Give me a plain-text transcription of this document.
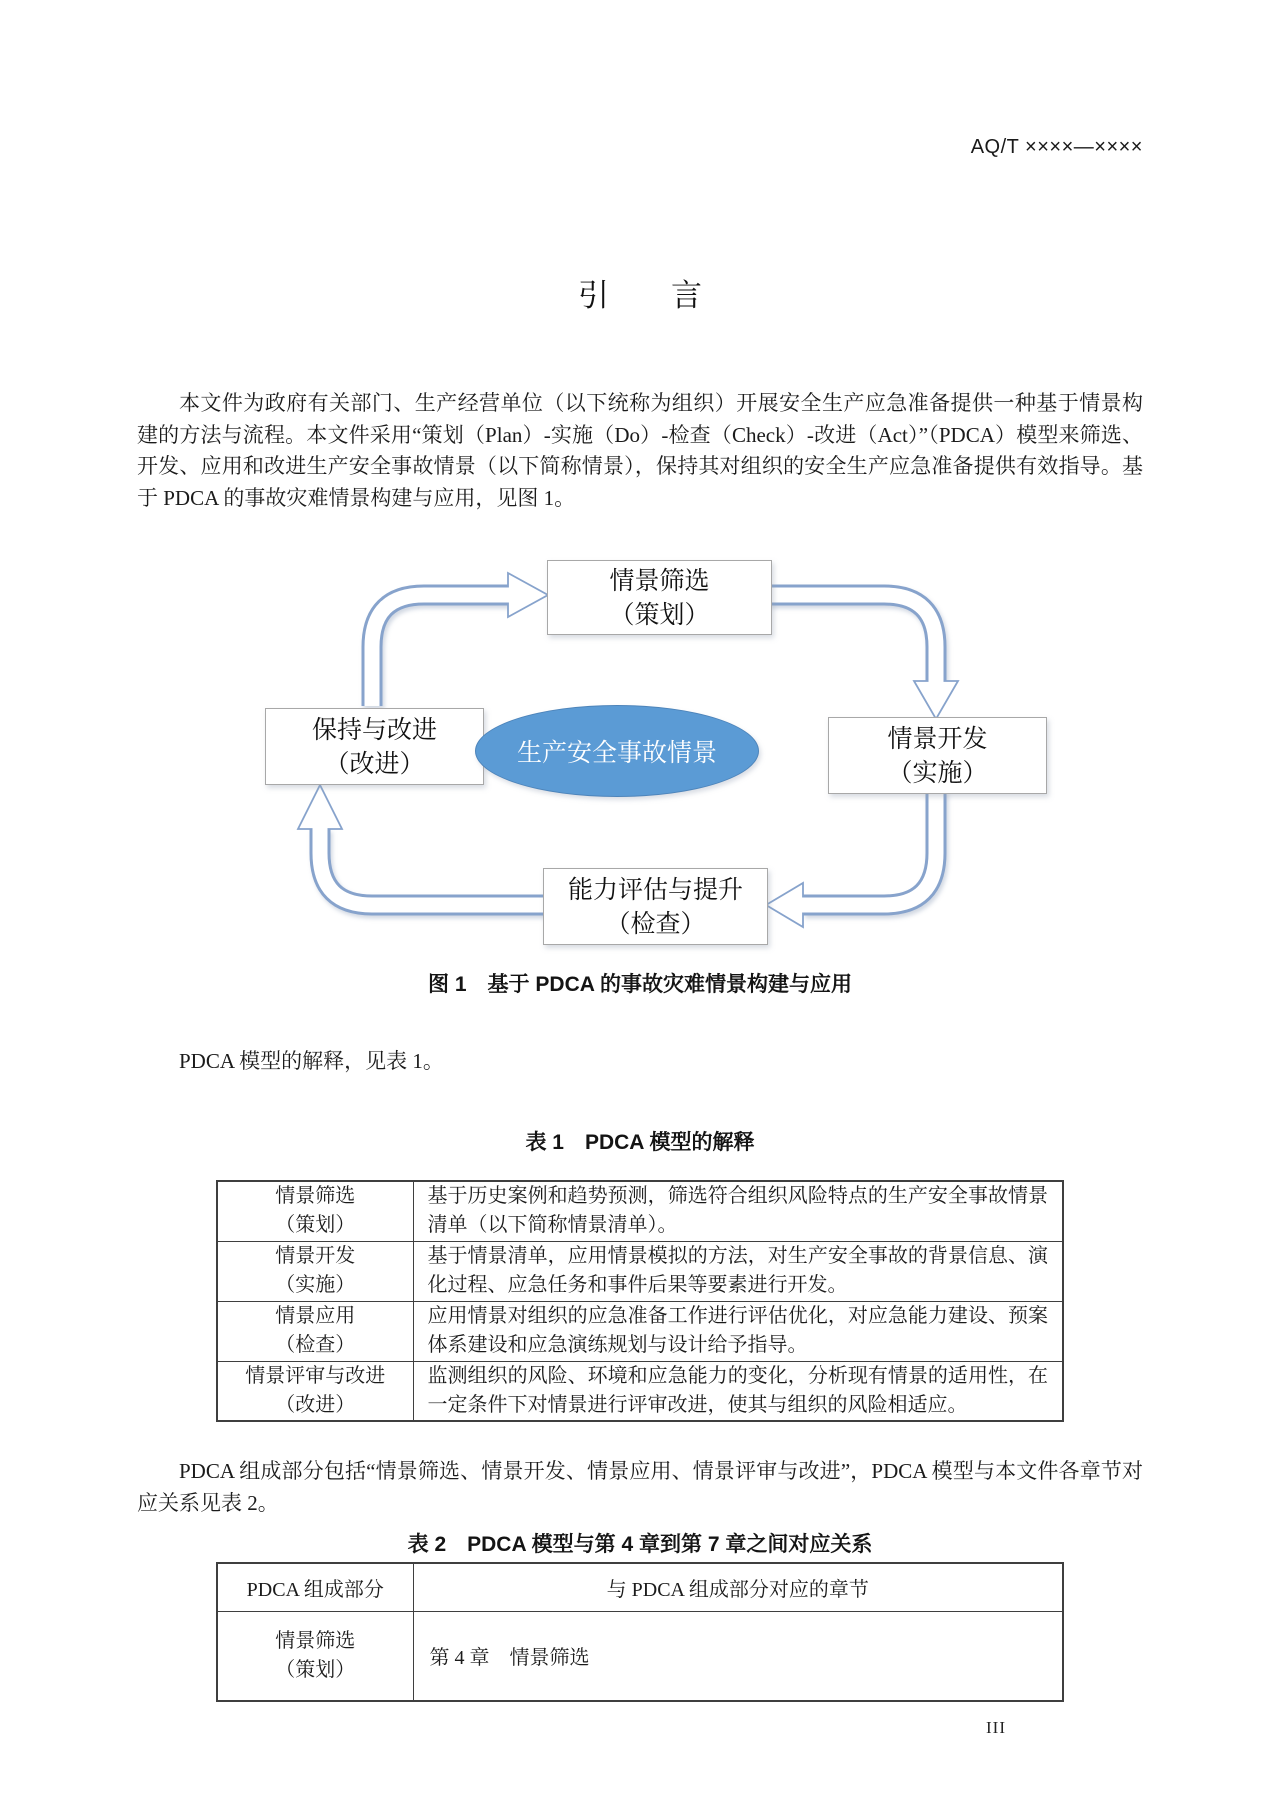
AQ/T ××××—××××
引　　言

本文件为政府有关部门、生产经营单位（以下统称为组织）开展安全生产应急准备提供一种基于情景构建的方法与流程。本文件采用“策划（Plan）-实施（Do）-检查（Check）-改进（Act）”（PDCA）模型来筛选、开发、应用和改进生产安全事故情景（以下简称情景），保持其对组织的安全生产应急准备提供有效指导。基于 PDCA 的事故灾难情景构建与应用，见图 1。

情景筛选
（策划）
保持与改进
（改进）
情景开发
（实施）
能力评估与提升
（检查）
生产安全事故情景
图 1　基于 PDCA 的事故灾难情景构建与应用

PDCA 模型的解释，见表 1。

表 1　PDCA 模型的解释
情景筛选
（策划）	基于历史案例和趋势预测，筛选符合组织风险特点的生产安全事故情景清单（以下简称情景清单）。

情景开发
（实施）	基于情景清单，应用情景模拟的方法，对生产安全事故的背景信息、演化过程、应急任务和事件后果等要素进行开发。

情景应用
（检查）	应用情景对组织的应急准备工作进行评估优化，对应急能力建设、预案体系建设和应急演练规划与设计给予指导。

情景评审与改进
（改进）	监测组织的风险、环境和应急能力的变化，分析现有情景的适用性，在一定条件下对情景进行评审改进，使其与组织的风险相适应。

PDCA 组成部分包括“情景筛选、情景开发、情景应用、情景评审与改进”，PDCA 模型与本文件各章节对应关系见表 2。

表 2　PDCA 模型与第 4 章到第 7 章之间对应关系
PDCA 组成部分	与 PDCA 组成部分对应的章节

情景筛选
（策划）	第 4 章　情景筛选
III
